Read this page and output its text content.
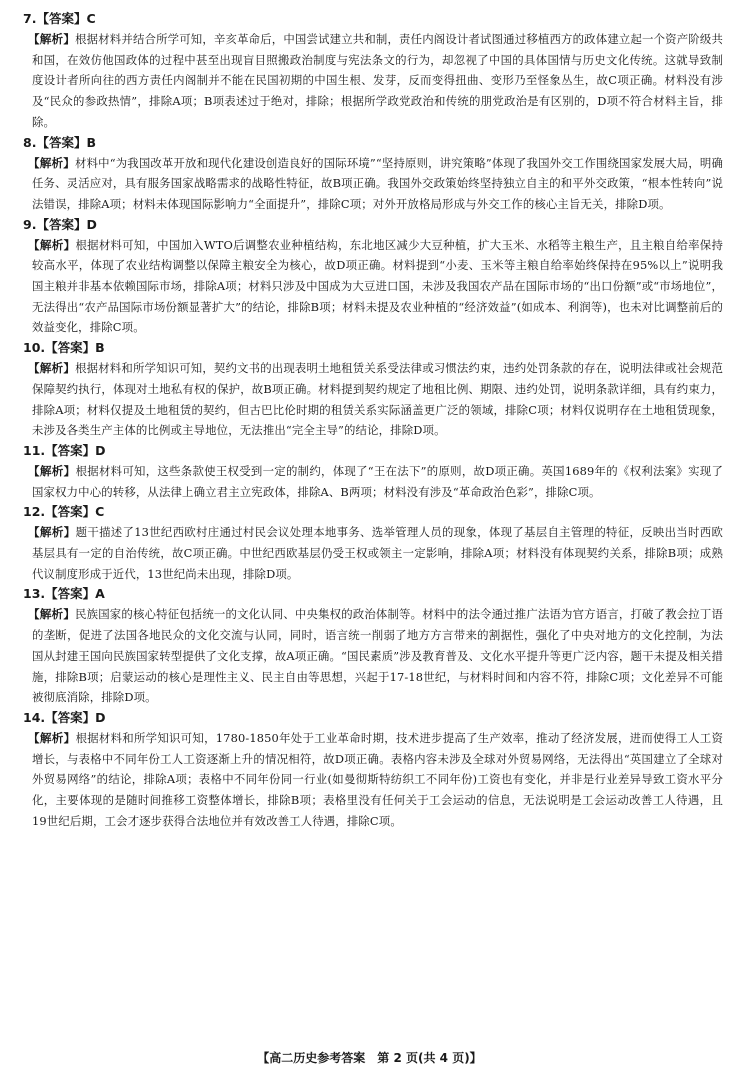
7.【答案】C

【解析】根据材料并结合所学可知，辛亥革命后，中国尝试建立共和制，责任内阁设计者试图通过移植西方的政体建立起一个资产阶级共和国，在效仿他国政体的过程中甚至出现盲目照搬政治制度与宪法条文的行为，却忽视了中国的具体国情与历史文化传统。这就导致制度设计者所向往的西方责任内阁制并不能在民国初期的中国生根、发芽，反而变得扭曲、变形乃至怪象丛生，故C项正确。材料没有涉及“民众的参政热情”，排除A项；B项表述过于绝对，排除；根据所学政党政治和传统的朋党政治是有区别的，D项不符合材料主旨，排除。

8.【答案】B

【解析】材料中“为我国改革开放和现代化建设创造良好的国际环境”“坚持原则，讲究策略”体现了我国外交工作围绕国家发展大局，明确任务、灵活应对，具有服务国家战略需求的战略性特征，故B项正确。我国外交政策始终坚持独立自主的和平外交政策，“根本性转向”说法错误，排除A项；材料未体现国际影响力“全面提升”，排除C项；对外开放格局形成与外交工作的核心主旨无关，排除D项。

9.【答案】D

【解析】根据材料可知，中国加入WTO后调整农业种植结构，东北地区减少大豆种植，扩大玉米、水稻等主粮生产，且主粮自给率保持较高水平，体现了农业结构调整以保障主粮安全为核心，故D项正确。材料提到“小麦、玉米等主粮自给率始终保持在95%以上”说明我国主粮并非基本依赖国际市场，排除A项；材料只涉及中国成为大豆进口国，未涉及我国农产品在国际市场的“出口份额”或“市场地位”，无法得出“农产品国际市场份额显著扩大”的结论，排除B项；材料未提及农业种植的“经济效益”(如成本、利润等)，也未对比调整前后的效益变化，排除C项。

10.【答案】B

【解析】根据材料和所学知识可知，契约文书的出现表明土地租赁关系受法律或习惯法约束，违约处罚条款的存在，说明法律或社会规范保障契约执行，体现对土地私有权的保护，故B项正确。材料提到契约规定了地租比例、期限、违约处罚，说明条款详细，具有约束力，排除A项；材料仅提及土地租赁的契约，但古巴比伦时期的租赁关系实际涵盖更广泛的领域，排除C项；材料仅说明存在土地租赁现象，未涉及各类生产主体的比例或主导地位，无法推出“完全主导”的结论，排除D项。

11.【答案】D

【解析】根据材料可知，这些条款使王权受到一定的制约，体现了“王在法下”的原则，故D项正确。英国1689年的《权利法案》实现了国家权力中心的转移，从法律上确立君主立宪政体，排除A、B两项；材料没有涉及“革命政治色彩”，排除C项。

12.【答案】C

【解析】题干描述了13世纪西欧村庄通过村民会议处理本地事务、选举管理人员的现象，体现了基层自主管理的特征，反映出当时西欧基层具有一定的自治传统，故C项正确。中世纪西欧基层仍受王权或领主一定影响，排除A项；材料没有体现契约关系，排除B项；成熟代议制度形成于近代，13世纪尚未出现，排除D项。

13.【答案】A

【解析】民族国家的核心特征包括统一的文化认同、中央集权的政治体制等。材料中的法令通过推广法语为官方语言，打破了教会拉丁语的垄断，促进了法国各地民众的文化交流与认同，同时，语言统一削弱了地方方言带来的割据性，强化了中央对地方的文化控制，为法国从封建王国向民族国家转型提供了文化支撑，故A项正确。“国民素质”涉及教育普及、文化水平提升等更广泛内容，题干未提及相关措施，排除B项；启蒙运动的核心是理性主义、民主自由等思想，兴起于17-18世纪，与材料时间和内容不符，排除C项；文化差异不可能被彻底消除，排除D项。

14.【答案】D

【解析】根据材料和所学知识可知，1780-1850年处于工业革命时期，技术进步提高了生产效率，推动了经济发展，进而使得工人工资增长，与表格中不同年份工人工资逐渐上升的情况相符，故D项正确。表格内容未涉及全球对外贸易网络，无法得出“英国建立了全球对外贸易网络”的结论，排除A项；表格中不同年份同一行业(如曼彻斯特纺织工不同年份)工资也有变化，并非是行业差异导致工资水平分化，主要体现的是随时间推移工资整体增长，排除B项；表格里没有任何关于工会运动的信息，无法说明是工会运动改善工人待遇，且19世纪后期，工会才逐步获得合法地位并有效改善工人待遇，排除C项。

【高二历史参考答案　第 2 页(共 4 页)】
